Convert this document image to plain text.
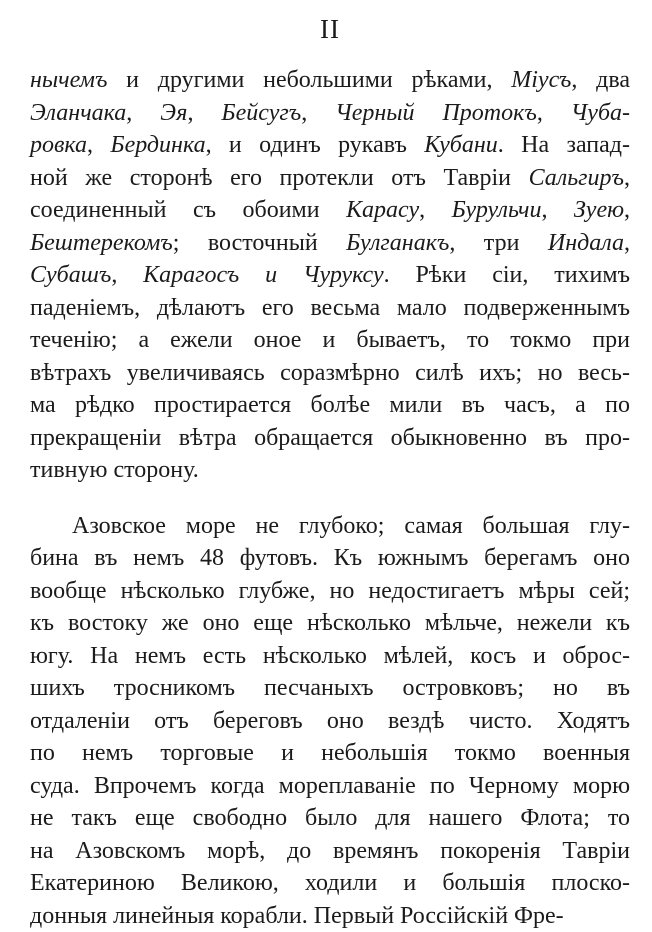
II
нычемъ и другими небольшими рѣками, Міусъ, два
Эланчака, Эя, Бейсугъ, Черный Протокъ, Чуба-
ровка, Бердинка, и одинъ рукавъ Кубани. На запад-
ной же сторонѣ его протекли отъ Тавріи Сальгиръ,
соединенный съ обоими Карасу, Бурульчи, Зуею,
Бештерекомъ; восточный Булганакъ, три Индала,
Субашъ, Карагосъ и Чуруксу. Рѣки сіи, тихимъ
паденіемъ, дѣлаютъ его весьма мало подверженнымъ
теченію; а ежели оное и бываетъ, то токмо при
вѣтрахъ увеличиваясь соразмѣрно силѣ ихъ; но весь-
ма рѣдко простирается болѣе мили въ часъ, а по
прекращеніи вѣтра обращается обыкновенно въ про-
тивную сторону.
Азовское море не глубоко; самая большая глу-
бина въ немъ 48 футовъ. Къ южнымъ берегамъ оно
вообще нѣсколько глубже, но недостигаетъ мѣры сей;
къ востоку же оно еще нѣсколько мѣльче, нежели къ
югу. На немъ есть нѣсколько мѣлей, косъ и оброс-
шихъ тросникомъ песчаныхъ островковъ; но въ
отдаленіи отъ береговъ оно вездѣ чисто. Ходятъ
по немъ торговые и небольшія токмо военныя
суда. Впрочемъ когда мореплаваніе по Черному морю
не такъ еще свободно было для нашего Флота; то
на Азовскомъ морѣ, до времянъ покоренія Тавріи
Екатериною Великою, ходили и большія плоско-
донныя линейныя корабли. Первый Россійскій Фре-
